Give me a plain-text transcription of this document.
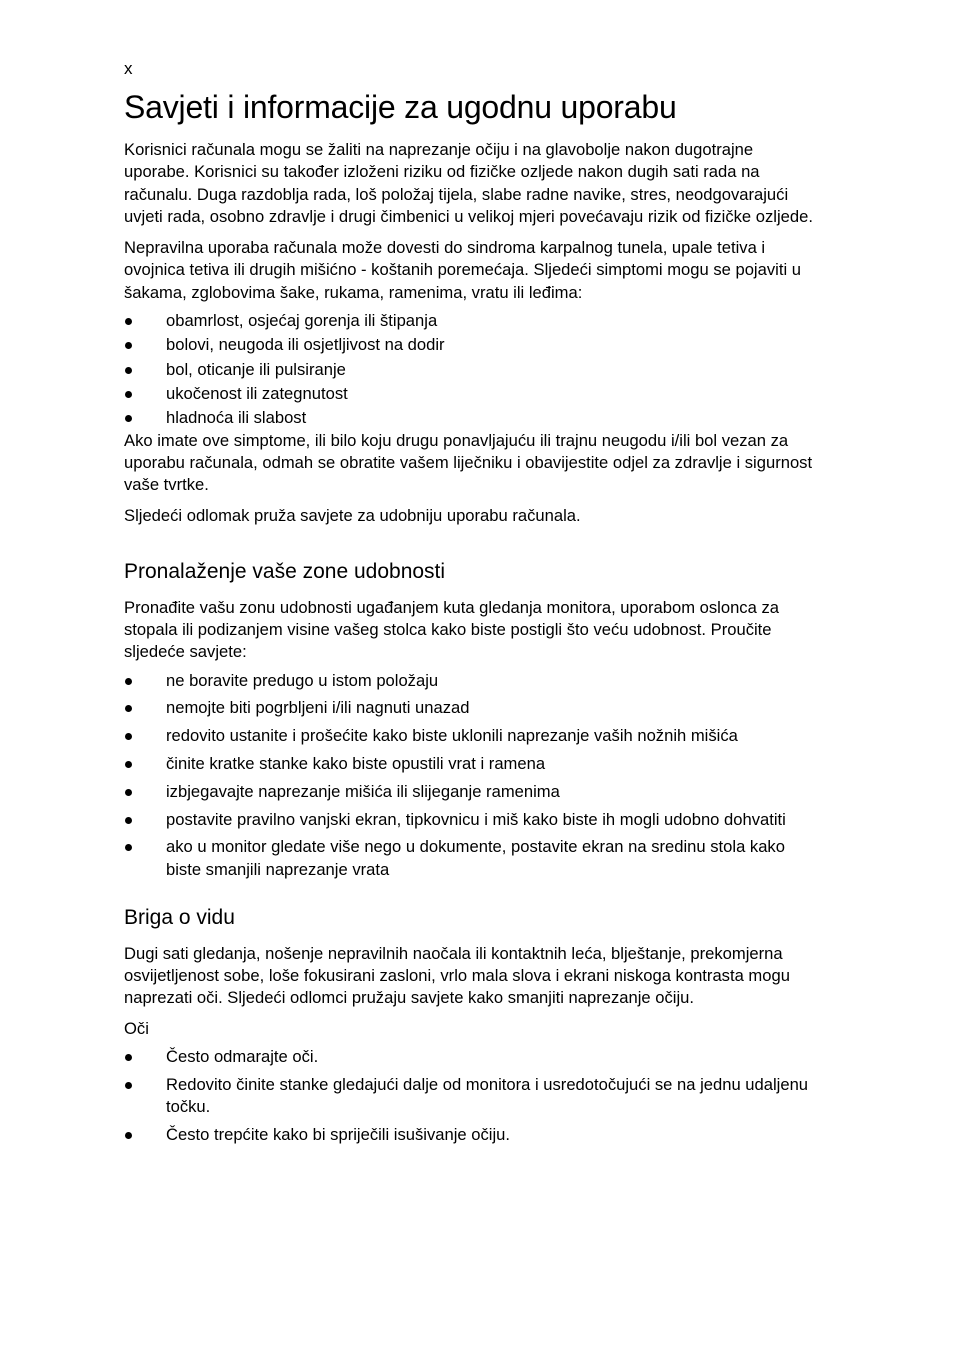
x
Savjeti i informacije za ugodnu uporabu

Korisnici računala mogu se žaliti na naprezanje očiju i na glavobolje nakon dugotrajne uporabe. Korisnici su također izloženi riziku od fizičke ozljede nakon dugih sati rada na računalu. Duga razdoblja rada, loš položaj tijela, slabe radne navike, stres, neodgovarajući uvjeti rada, osobno zdravlje i drugi čimbenici u velikoj mjeri povećavaju rizik od fizičke ozljede.

Nepravilna uporaba računala može dovesti do sindroma karpalnog tunela, upale tetiva i ovojnica tetiva ili drugih mišićno - koštanih poremećaja. Sljedeći simptomi mogu se pojaviti u šakama, zglobovima šake, rukama, ramenima, vratu ili leđima:

obamrlost, osjećaj gorenja ili štipanja
bolovi, neugoda ili osjetljivost na dodir
bol, oticanje ili pulsiranje
ukočenost ili zategnutost
hladnoća ili slabost

Ako imate ove simptome, ili bilo koju drugu ponavljajuću ili trajnu neugodu i/ili bol vezan za uporabu računala, odmah se obratite vašem liječniku i obavijestite odjel za zdravlje i sigurnost vaše tvrtke.

Sljedeći odlomak pruža savjete za udobniju uporabu računala.

Pronalaženje vaše zone udobnosti

Pronađite vašu zonu udobnosti ugađanjem kuta gledanja monitora, uporabom oslonca za stopala ili podizanjem visine vašeg stolca kako biste postigli što veću udobnost. Proučite sljedeće savjete:

ne boravite predugo u istom položaju
nemojte biti pogrbljeni i/ili nagnuti unazad
redovito ustanite i prošećite kako biste uklonili naprezanje vaših nožnih mišića
činite kratke stanke kako biste opustili vrat i ramena
izbjegavajte naprezanje mišića ili slijeganje ramenima
postavite pravilno vanjski ekran, tipkovnicu i miš kako biste ih mogli udobno dohvatiti
ako u monitor gledate više nego u dokumente, postavite ekran na sredinu stola kako biste smanjili naprezanje vrata
Briga o vidu

Dugi sati gledanja, nošenje nepravilnih naočala ili kontaktnih leća, blještanje, prekomjerna osvijetljenost sobe, loše fokusirani zasloni, vrlo mala slova i ekrani niskoga kontrasta mogu naprezati oči. Sljedeći odlomci pružaju savjete kako smanjiti naprezanje očiju.

Oči

Često odmarajte oči.
Redovito činite stanke gledajući dalje od monitora i usredotočujući se na jednu udaljenu točku.
Često trepćite kako bi spriječili isušivanje očiju.
